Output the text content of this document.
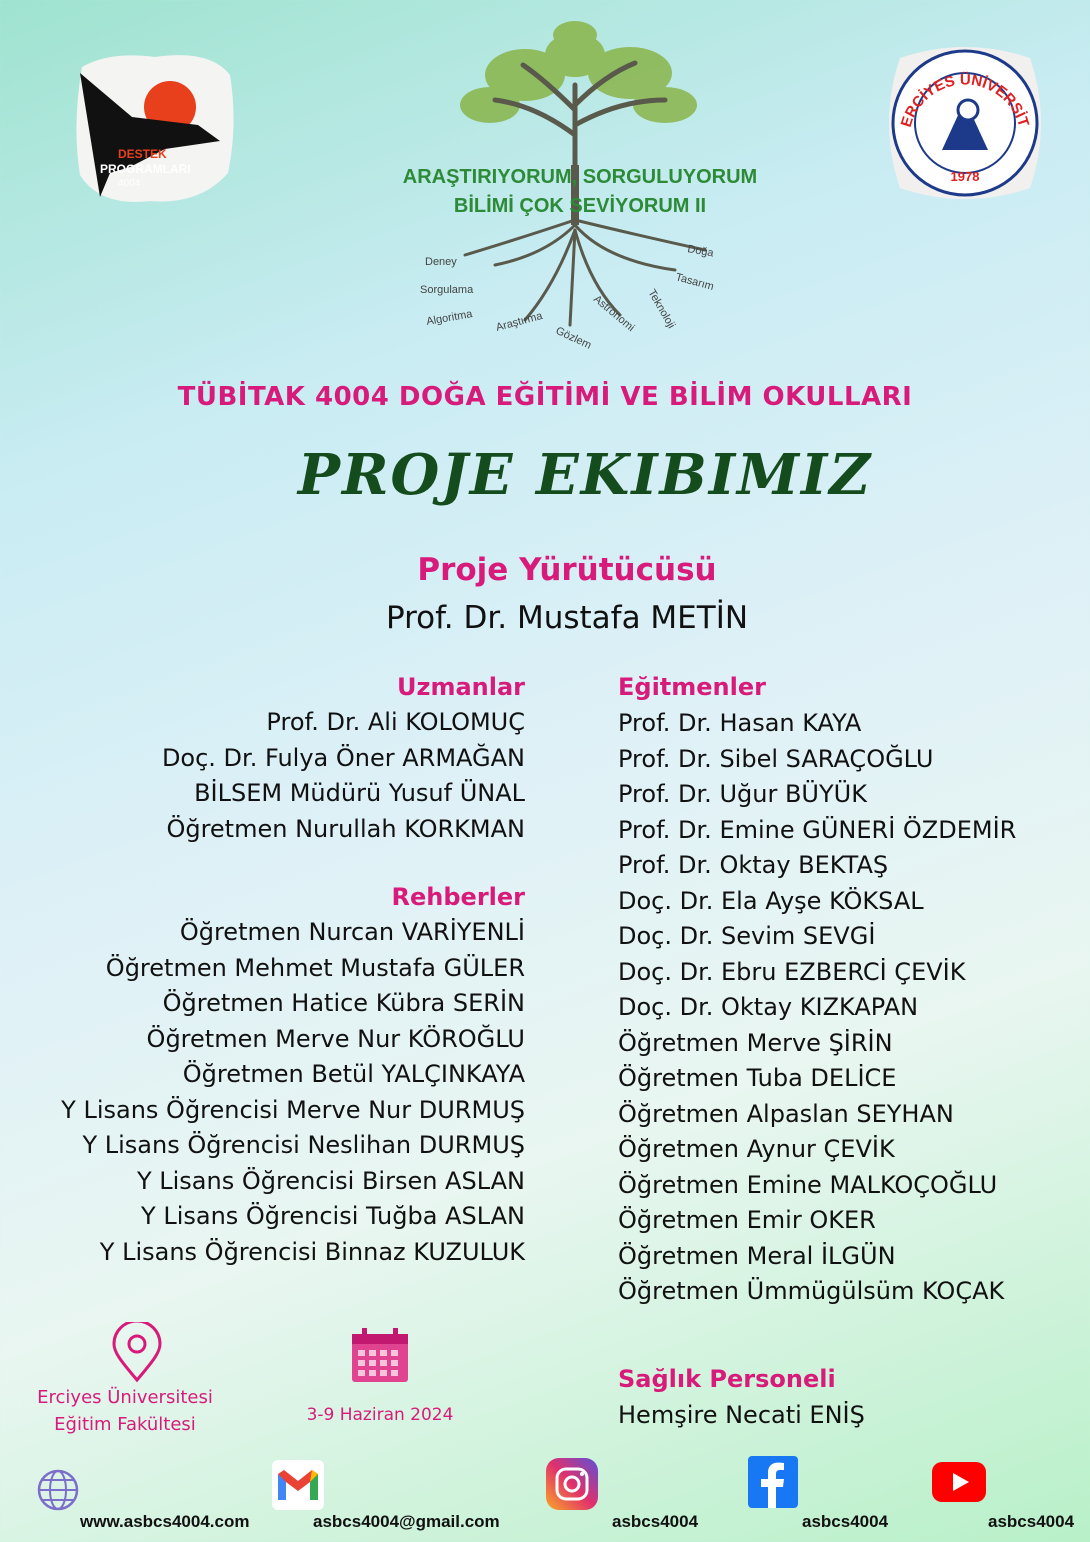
DESTEK
PROGRAMLARI
4004
ERCİYES ÜNİVERSİT
1978
Deney
Sorgulama
Algoritma Araştırma
Gözlem
Astronomi Teknoloji
Tasarım
Doğa
ARAŞTIRIYORUM, SORGULUYORUM
BİLİMİ ÇOK SEVİYORUM II
TÜBİTAK 4004 DOĞA EĞİTİMİ VE BİLİM OKULLARI
PROJE EKIBIMIZ
Proje Yürütücüsü
Prof. Dr. Mustafa METİN
Uzmanlar
Prof. Dr. Ali KOLOMUÇ
Doç. Dr. Fulya Öner ARMAĞAN
BİLSEM Müdürü Yusuf ÜNAL
Öğretmen Nurullah KORKMAN
Rehberler
Öğretmen Nurcan VARİYENLİ
Öğretmen Mehmet Mustafa GÜLER
Öğretmen Hatice Kübra SERİN
Öğretmen Merve Nur KÖROĞLU
Öğretmen Betül YALÇINKAYA
Y Lisans Öğrencisi Merve Nur DURMUŞ
Y Lisans Öğrencisi Neslihan DURMUŞ
Y Lisans Öğrencisi Birsen ASLAN
Y Lisans Öğrencisi Tuğba ASLAN
Y Lisans Öğrencisi Binnaz KUZULUK
Eğitmenler
Prof. Dr. Hasan KAYA
Prof. Dr. Sibel SARAÇOĞLU
Prof. Dr. Uğur BÜYÜK
Prof. Dr. Emine GÜNERİ ÖZDEMİR
Prof. Dr. Oktay BEKTAŞ
Doç. Dr. Ela Ayşe KÖKSAL
Doç. Dr. Sevim SEVGİ
Doç. Dr. Ebru EZBERCİ ÇEVİK
Doç. Dr. Oktay KIZKAPAN
Öğretmen Merve ŞİRİN
Öğretmen Tuba DELİCE
Öğretmen Alpaslan SEYHAN
Öğretmen Aynur ÇEVİK
Öğretmen Emine MALKOÇOĞLU
Öğretmen Emir OKER
Öğretmen Meral İLGÜN
Öğretmen Ümmügülsüm KOÇAK
Sağlık Personeli
Hemşire Necati ENİŞ
Erciyes Üniversitesi
Eğitim Fakültesi	3-9 Haziran 2024
www.asbcs4004.com	asbcs4004@gmail.com	asbcs4004	asbcs4004	asbcs4004
